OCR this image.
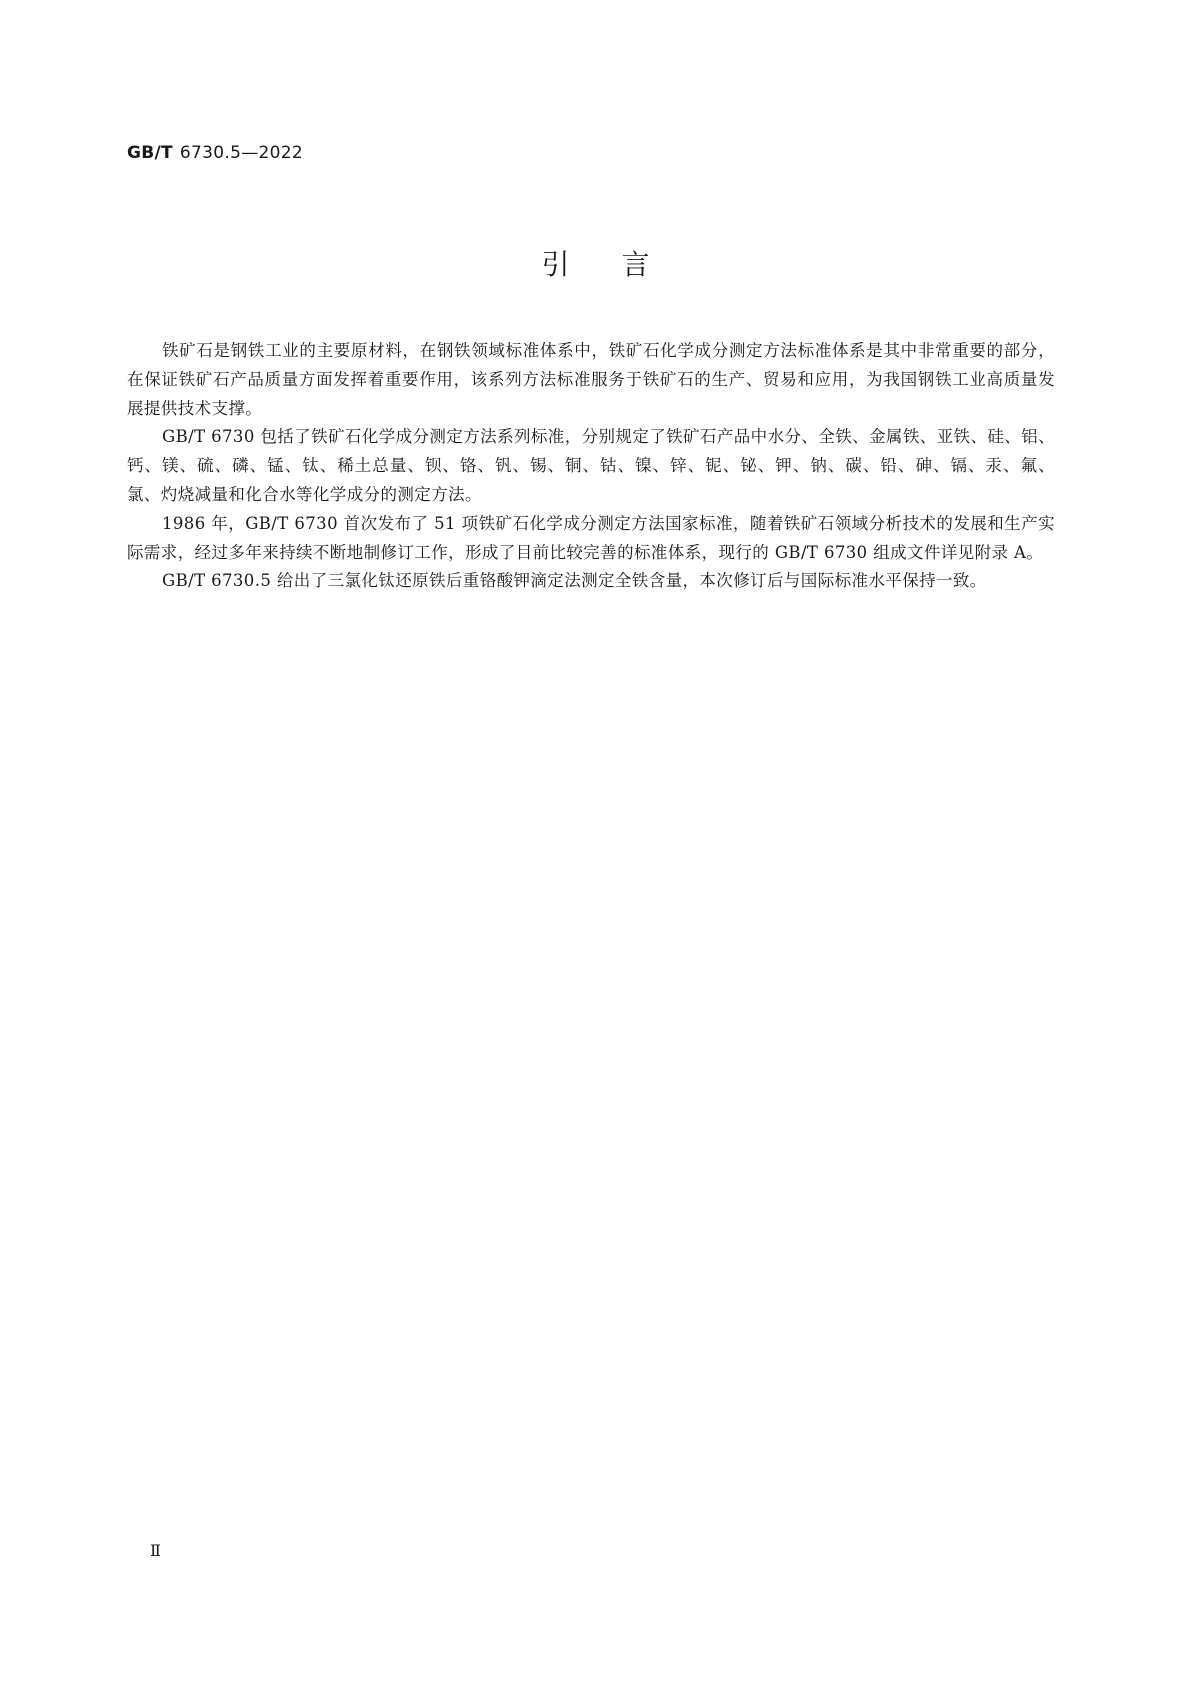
GB/T 6730.5—2022
引言

铁矿石是钢铁工业的主要原材料，在钢铁领域标准体系中，铁矿石化学成分测定方法标准体系是其中非常重要的部分，在保证铁矿石产品质量方面发挥着重要作用，该系列方法标准服务于铁矿石的生产、贸易和应用，为我国钢铁工业高质量发展提供技术支撑。

GB/T 6730 包括了铁矿石化学成分测定方法系列标准，分别规定了铁矿石产品中水分、全铁、金属铁、亚铁、硅、铝、钙、镁、硫、磷、锰、钛、稀土总量、钡、铬、钒、锡、铜、钴、镍、锌、铌、铋、钾、钠、碳、铅、砷、镉、汞、氟、氯、灼烧减量和化合水等化学成分的测定方法。

1986 年，GB/T 6730 首次发布了 51 项铁矿石化学成分测定方法国家标准，随着铁矿石领域分析技术的发展和生产实际需求，经过多年来持续不断地制修订工作，形成了目前比较完善的标准体系，现行的 GB/T 6730 组成文件详见附录 A。

GB/T 6730.5 给出了三氯化钛还原铁后重铬酸钾滴定法测定全铁含量，本次修订后与国际标准水平保持一致。

Ⅱ
